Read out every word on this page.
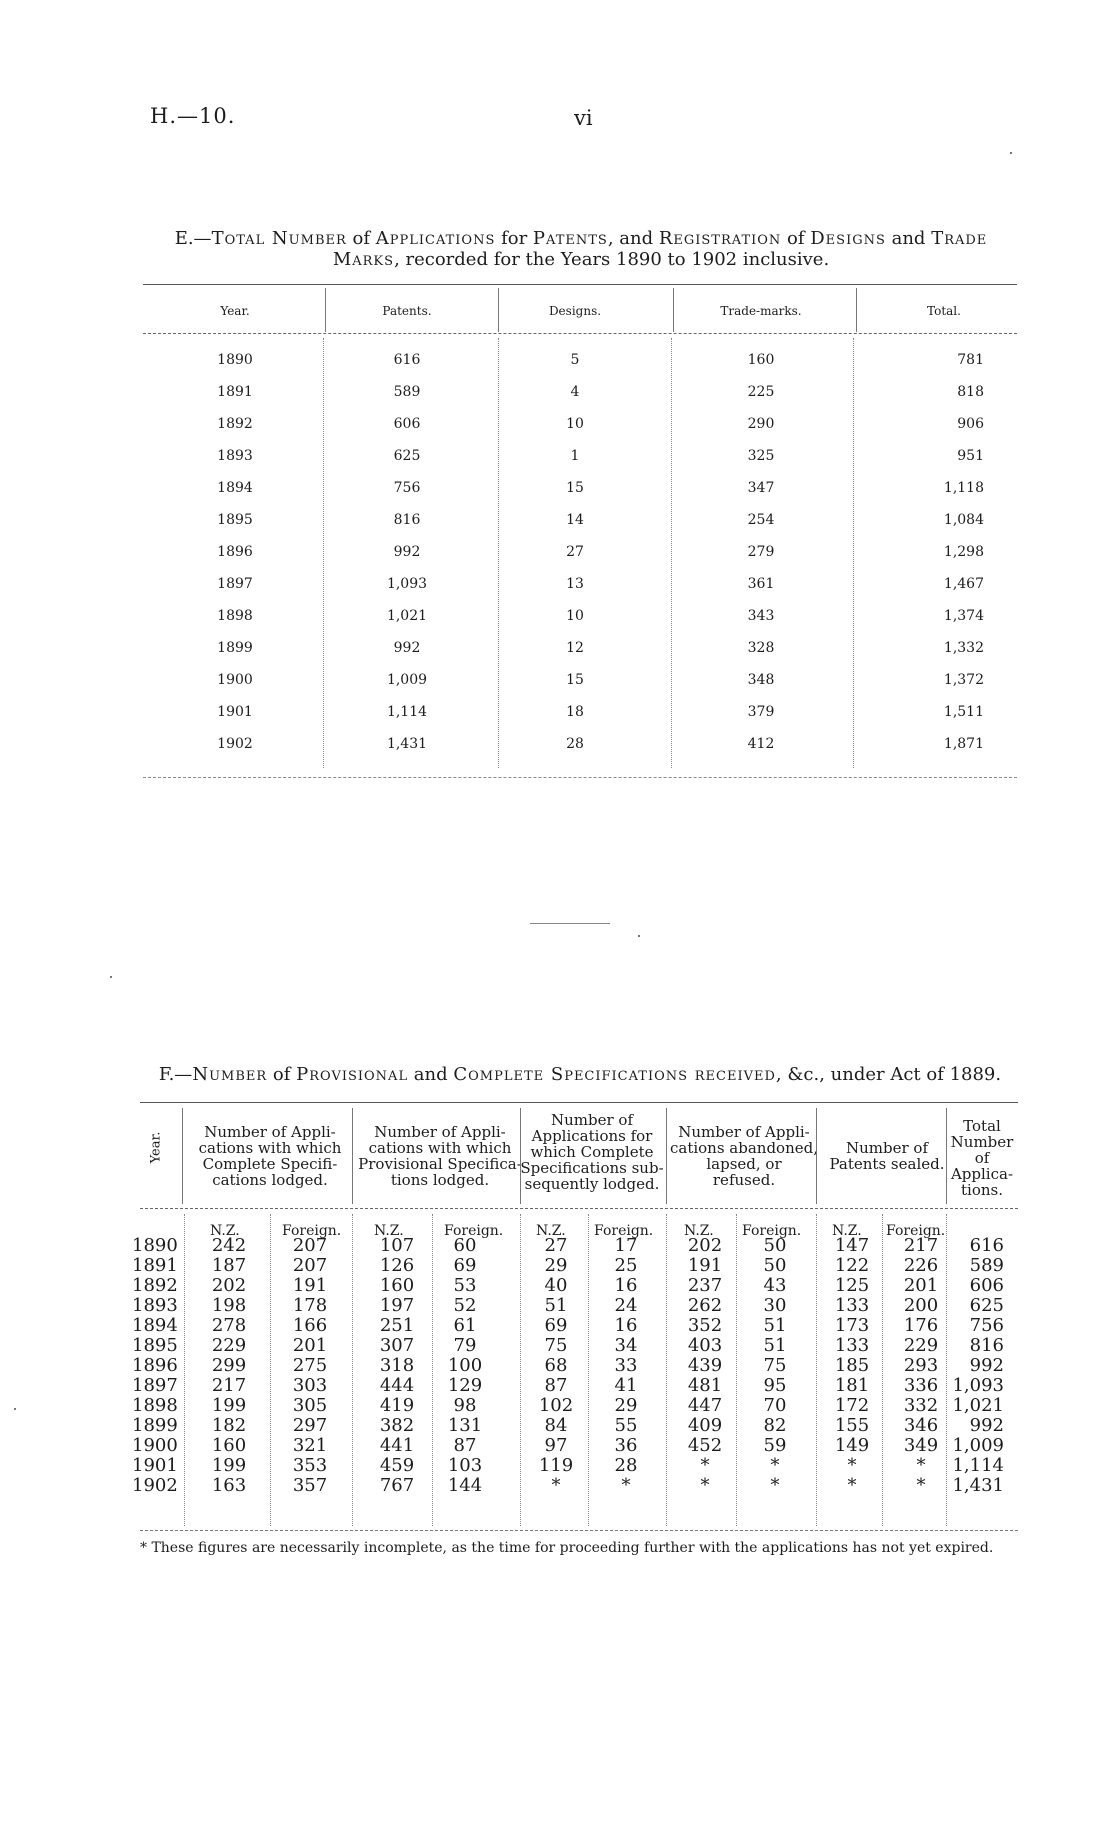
H.—10.	vi
E.—Total Number of Applications for Patents, and Registration of Designs and Trade Marks, recorded for the Years 1890 to 1902 inclusive.
Year.	Patents.	Designs.	Trade-marks.	Total.
1890	616	5	160	781
1891	589	4	225	818
1892	606	10	290	906
1893	625	1	325	951
1894	756	15	347	1,118
1895	816	14	254	1,084
1896	992	27	279	1,298
1897	1,093	13	361	1,467
1898	1,021	10	343	1,374
1899	992	12	328	1,332
1900	1,009	15	348	1,372
1901	1,114	18	379	1,511
1902	1,431	28	412	1,871
F.—Number of Provisional and Complete Specifications received, &c., under Act of 1889.
Year.	Number of Appli-
cations with which
Complete Specifi-
cations lodged.
Number of Appli-
cations with which
Provisional Specifica-
tions lodged.
Number of
Applications for
which Complete
Specifications sub-
sequently lodged.
Number of Appli-
cations abandoned,
lapsed, or
refused.
Number of
Patents sealed.
Total
Number
of
Applica-
tions.
N.Z.	Foreign. N.Z.	Foreign. N.Z. Foreign. N.Z. Foreign. N.Z. Foreign.
1890	242	207	107	60	27	17	202	50	147	217	616
1891	187	207	126	69	29	25	191	50	122	226	589
1892	202	191	160	53	40	16	237	43	125	201	606
1893	198	178	197	52	51	24	262	30	133	200	625
1894	278	166	251	61	69	16	352	51	173	176	756
1895	229	201	307	79	75	34	403	51	133	229	816
1896	299	275	318	100	68	33	439	75	185	293	992
1897	217	303	444	129	87	41	481	95	181	336 1,093
1898	199	305	419	98	102	29	447	70	172	332 1,021
1899	182	297	382	131	84	55	409	82	155	346	992
1900	160	321	441	87	97	36	452	59	149	349 1,009
1901	199	353	459	103	119	28	*	*	*	*	1,114
1902	163	357	767	144	*	*	*	*	*	*	1,431
* These figures are necessarily incomplete, as the time for proceeding further with the applications has not yet expired.
